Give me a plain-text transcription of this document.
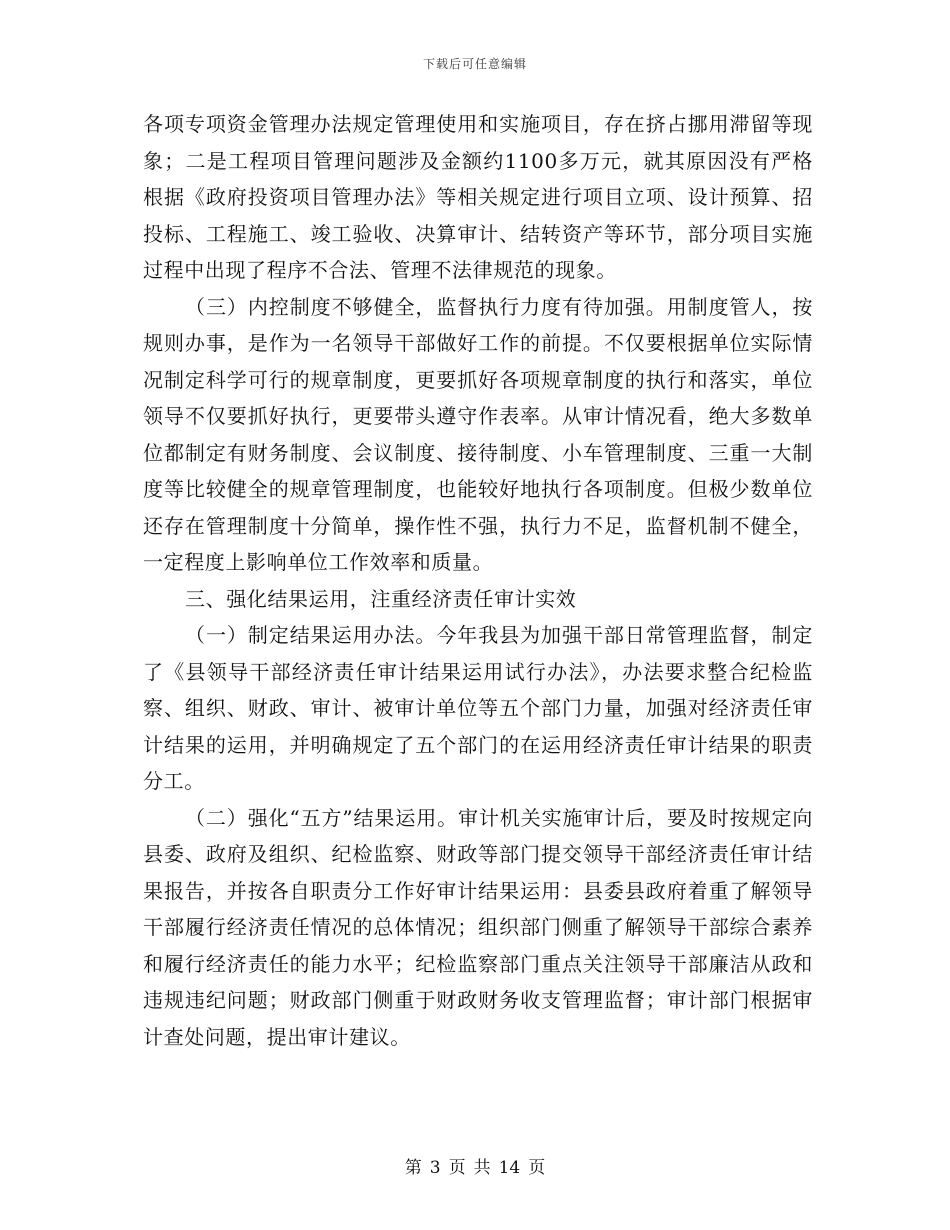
下载后可任意编辑

各项专项资金管理办法规定管理使用和实施项目，存在挤占挪用滞留等现象；二是工程项目管理问题涉及金额约1100多万元，就其原因没有严格根据《政府投资项目管理办法》等相关规定进行项目立项、设计预算、招投标、工程施工、竣工验收、决算审计、结转资产等环节，部分项目实施过程中出现了程序不合法、管理不法律规范的现象。

（三）内控制度不够健全，监督执行力度有待加强。用制度管人，按规则办事，是作为一名领导干部做好工作的前提。不仅要根据单位实际情况制定科学可行的规章制度，更要抓好各项规章制度的执行和落实，单位领导不仅要抓好执行，更要带头遵守作表率。从审计情况看，绝大多数单位都制定有财务制度、会议制度、接待制度、小车管理制度、三重一大制度等比较健全的规章管理制度，也能较好地执行各项制度。但极少数单位还存在管理制度十分简单，操作性不强，执行力不足，监督机制不健全，一定程度上影响单位工作效率和质量。

三、强化结果运用，注重经济责任审计实效

（一）制定结果运用办法。今年我县为加强干部日常管理监督，制定了《县领导干部经济责任审计结果运用试行办法》，办法要求整合纪检监察、组织、财政、审计、被审计单位等五个部门力量，加强对经济责任审计结果的运用，并明确规定了五个部门的在运用经济责任审计结果的职责分工。

（二）强化“五方”结果运用。审计机关实施审计后，要及时按规定向县委、政府及组织、纪检监察、财政等部门提交领导干部经济责任审计结果报告，并按各自职责分工作好审计结果运用：县委县政府着重了解领导干部履行经济责任情况的总体情况；组织部门侧重了解领导干部综合素养和履行经济责任的能力水平；纪检监察部门重点关注领导干部廉洁从政和违规违纪问题；财政部门侧重于财政财务收支管理监督；审计部门根据审计查处问题，提出审计建议。

第 3 页 共 14 页
